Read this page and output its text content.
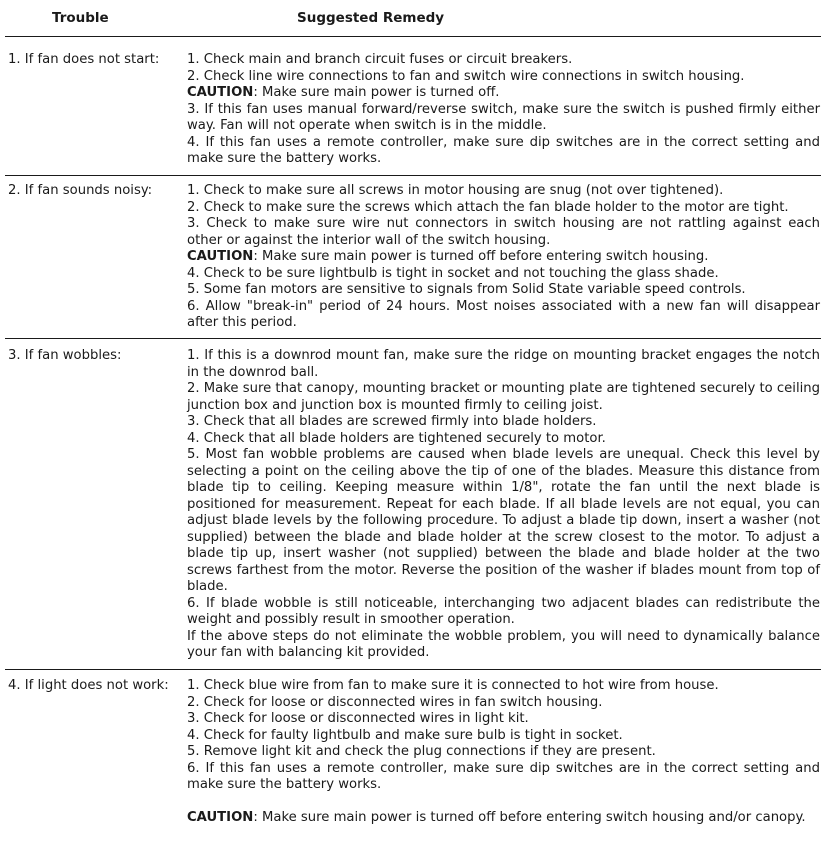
Trouble	Suggested Remedy
1. If fan does not start:	1. Check main and branch circuit fuses or circuit breakers.

2. Check line wire connections to fan and switch wire connections in switch housing.

CAUTION: Make sure main power is turned off.

3. If this fan uses manual forward/reverse switch, make sure the switch is pushed firmly either way. Fan will not operate when switch is in the middle.

4. If this fan uses a remote controller, make sure dip switches are in the correct setting and make sure the battery works.

2. If fan sounds noisy:	1. Check to make sure all screws in motor housing are snug (not over tightened).

2. Check to make sure the screws which attach the fan blade holder to the motor are tight.

3. Check to make sure wire nut connectors in switch housing are not rattling against each other or against the interior wall of the switch housing.

CAUTION: Make sure main power is turned off before entering switch housing.

4. Check to be sure lightbulb is tight in socket and not touching the glass shade.

5. Some fan motors are sensitive to signals from Solid State variable speed controls.

6. Allow "break-in" period of 24 hours. Most noises associated with a new fan will disappear after this period.

3. If fan wobbles:	1. If this is a downrod mount fan, make sure the ridge on mounting bracket engages the notch in the downrod ball.

2. Make sure that canopy, mounting bracket or mounting plate are tightened securely to ceiling junction box and junction box is mounted firmly to ceiling joist.

3. Check that all blades are screwed firmly into blade holders.

4. Check that all blade holders are tightened securely to motor.

5. Most fan wobble problems are caused when blade levels are unequal. Check this level by selecting a point on the ceiling above the tip of one of the blades. Measure this distance from blade tip to ceiling. Keeping measure within 1/8", rotate the fan until the next blade is positioned for measurement. Repeat for each blade. If all blade levels are not equal, you can adjust blade levels by the following procedure. To adjust a blade tip down, insert a washer (not supplied) between the blade and blade holder at the screw closest to the motor. To adjust a blade tip up, insert washer (not supplied) between the blade and blade holder at the two screws farthest from the motor. Reverse the position of the washer if blades mount from top of blade.

6. If blade wobble is still noticeable, interchanging two adjacent blades can redistribute the weight and possibly result in smoother operation.

If the above steps do not eliminate the wobble problem, you will need to dynamically balance your fan with balancing kit provided.

4. If light does not work:	1. Check blue wire from fan to make sure it is connected to hot wire from house.

2. Check for loose or disconnected wires in fan switch housing.

3. Check for loose or disconnected wires in light kit.

4. Check for faulty lightbulb and make sure bulb is tight in socket.

5. Remove light kit and check the plug connections if they are present.

6. If this fan uses a remote controller, make sure dip switches are in the correct setting and make sure the battery works.

CAUTION: Make sure main power is turned off before entering switch housing and/or canopy.
